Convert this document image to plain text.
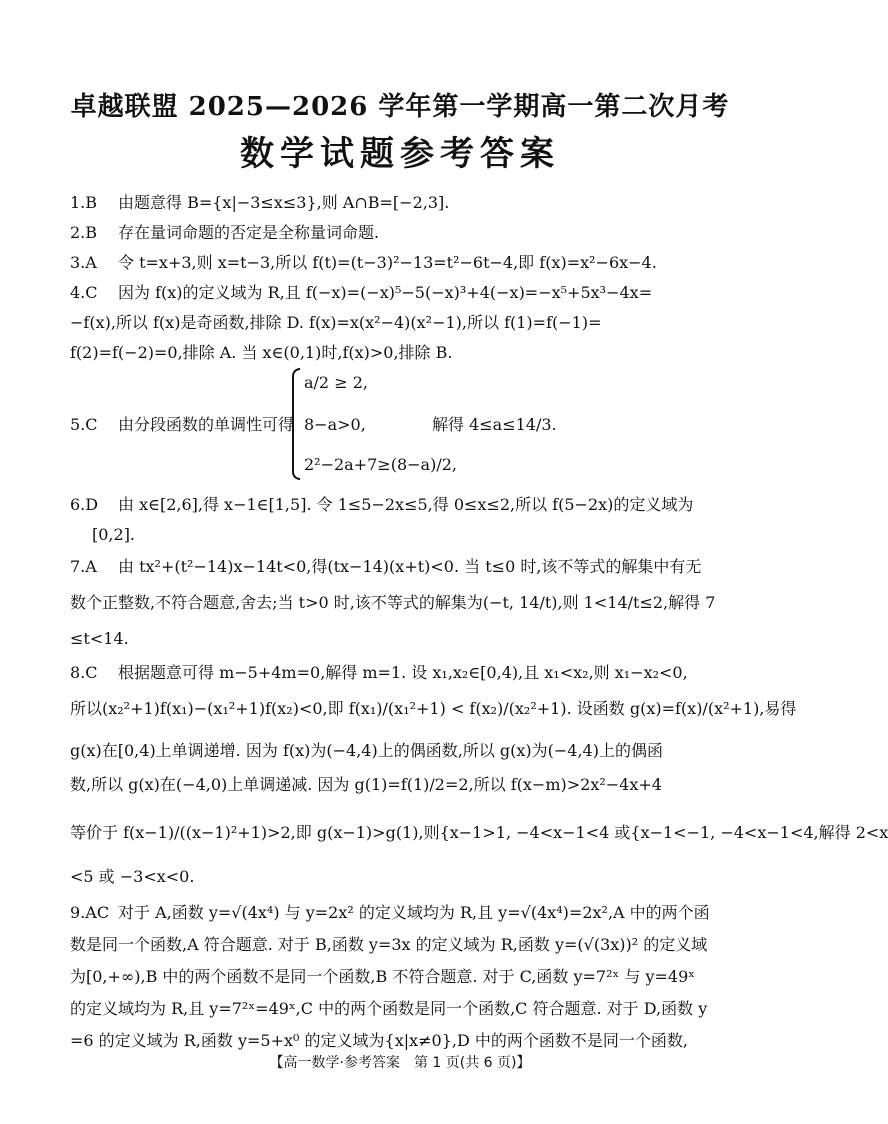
卓越联盟 2025—2026 学年第一学期高一第二次月考
数学试题参考答案
1.B 由题意得 B={x|−3≤x≤3},则 A∩B=[−2,3].
2.B 存在量词命题的否定是全称量词命题.
3.A 令 t=x+3,则 x=t−3,所以 f(t)=(t−3)²−13=t²−6t−4,即 f(x)=x²−6x−4.
4.C 因为 f(x)的定义域为 R,且 f(−x)=(−x)⁵−5(−x)³+4(−x)=−x⁵+5x³−4x=
−f(x),所以 f(x)是奇函数,排除 D. f(x)=x(x²−4)(x²−1),所以 f(1)=f(−1)=
f(2)=f(−2)=0,排除 A. 当 x∈(0,1)时,f(x)>0,排除 B.
5.C 由分段函数的单调性可得
a/2 ≥ 2,
8−a>0,
2²−2a+7≥(8−a)/2,
解得 4≤a≤14/3.
6.D 由 x∈[2,6],得 x−1∈[1,5]. 令 1≤5−2x≤5,得 0≤x≤2,所以 f(5−2x)的定义域为
[0,2].
7.A 由 tx²+(t²−14)x−14t<0,得(tx−14)(x+t)<0. 当 t≤0 时,该不等式的解集中有无
数个正整数,不符合题意,舍去;当 t>0 时,该不等式的解集为(−t, 14/t),则 1<14/t≤2,解得 7
≤t<14.
8.C 根据题意可得 m−5+4m=0,解得 m=1. 设 x₁,x₂∈[0,4),且 x₁<x₂,则 x₁−x₂<0,
所以(x₂²+1)f(x₁)−(x₁²+1)f(x₂)<0,即 f(x₁)/(x₁²+1) < f(x₂)/(x₂²+1). 设函数 g(x)=f(x)/(x²+1),易得
g(x)在[0,4)上单调递增. 因为 f(x)为(−4,4)上的偶函数,所以 g(x)为(−4,4)上的偶函
数,所以 g(x)在(−4,0)上单调递减. 因为 g(1)=f(1)/2=2,所以 f(x−m)>2x²−4x+4
等价于 f(x−1)/((x−1)²+1)>2,即 g(x−1)>g(1),则{x−1>1, −4<x−1<4 或{x−1<−1, −4<x−1<4,解得 2<x
<5 或 −3<x<0.
9.AC 对于 A,函数 y=√(4x⁴) 与 y=2x² 的定义域均为 R,且 y=√(4x⁴)=2x²,A 中的两个函
数是同一个函数,A 符合题意. 对于 B,函数 y=3x 的定义域为 R,函数 y=(√(3x))² 的定义域
为[0,+∞),B 中的两个函数不是同一个函数,B 不符合题意. 对于 C,函数 y=7²ˣ 与 y=49ˣ
的定义域均为 R,且 y=7²ˣ=49ˣ,C 中的两个函数是同一个函数,C 符合题意. 对于 D,函数 y
=6 的定义域为 R,函数 y=5+x⁰ 的定义域为{x|x≠0},D 中的两个函数不是同一个函数,
【高一数学·参考答案　第 1 页(共 6 页)】
